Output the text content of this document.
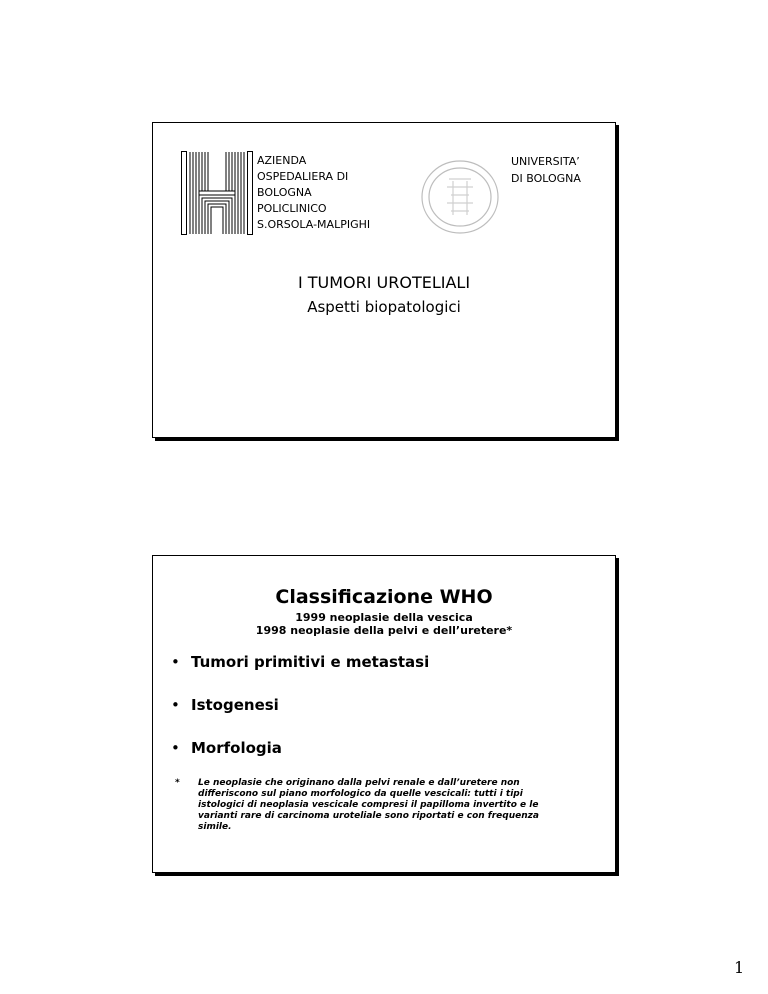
AZIENDA
OSPEDALIERA DI
BOLOGNA
POLICLINICO
S.ORSOLA-MALPIGHI
UNIVERSITA’
DI BOLOGNA
I TUMORI UROTELIALI
Aspetti biopatologici
Classificazione WHO
1999 neoplasie della vescica
1998 neoplasie della pelvi e dell’uretere*
• Tumori primitivi e metastasi
• Istogenesi
• Morfologia
*	Le neoplasie che originano dalla pelvi renale e dall’uretere non
differiscono sul piano morfologico da quelle vescicali: tutti i tipi
istologici di neoplasia vescicale compresi il papilloma invertito e le
varianti rare di carcinoma uroteliale sono riportati e con frequenza
simile.
1
